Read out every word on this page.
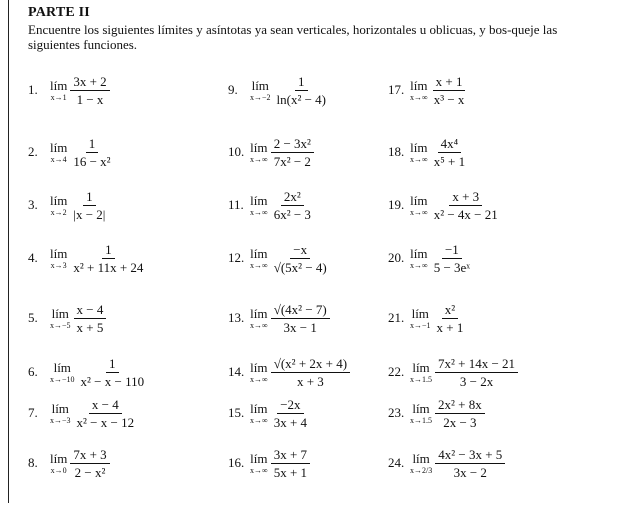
PARTE II
Encuentre los siguientes límites y asíntotas ya sean verticales, horizontales u oblicuas, y bos-queje las siguientes funciones.
1. lím
$x\to 1 \frac{3x + 2}{1 - x}$
2. lím
$x\to 4 \frac{1}{\text{16 − x²}}$
3. lím
$x\to 2 \frac{1}{|x - 2|}$
4. lím
$x\to 3 \frac{1}{\text{x² + 11x + 24}}$
5.	lím
$x\to-5 \frac{x - 4}{x + 5}$
6.	lím
$x\to-10 \frac{1}{\text{x² − x − 110}}$
7.	lím
$x\to-3 \frac{x - 4}{\text{x² − x − 12}}$
8. lím
$x\to 0 \frac{7x + 3}{\text{2 − x²}}$
9.	lím
$x\to-2 \frac{1}{\text{ln(x² − 4)}}$
10. lím
$x\to\infty \frac{\text{2 − 3x²}}{\text{7x² − 2}}$
11. lím
$x\to\infty \frac{\text{2x²}}{\text{6x² − 3}}$
12. lím
$x\to\infty \frac{-x}{\text{√(5x² − 4)}}$
13. lím
$x\to\infty \frac{\text{√(4x² − 7)}}{3x - 1}$
14. lím
$x\to\infty \frac{\text{√(x² + 2x + 4)}}{x + 3}$
15. lím
$x\to\infty \frac{-2x}{3x + 4}$
16. lím
$x\to\infty \frac{3x + 7}{5x + 1}$
17. lím
$x\to\infty \frac{x + 1}{\text{x³ − x}}$
18. lím
$x\to\infty \frac{\text{4x⁴}}{\text{x⁵ + 1}}$
19. lím
$x\to\infty \frac{x + 3}{\text{x² − 4x − 21}}$
20. lím
$x\to\infty \frac{-1}{\text{5 − 3eˣ}}$
21. lím
$x\to-1 \frac{\text{x²}}{x + 1}$
22. lím
$x\to 1.5 \frac{\text{7x² + 14x − 21}}{3 - 2x}$
23. lím
$x\to 1.5 \frac{\text{2x² + 8x}}{2x - 3}$
24. lím
$x\to 2/3 \frac{\text{4x² − 3x + 5}}{3x - 2}$
